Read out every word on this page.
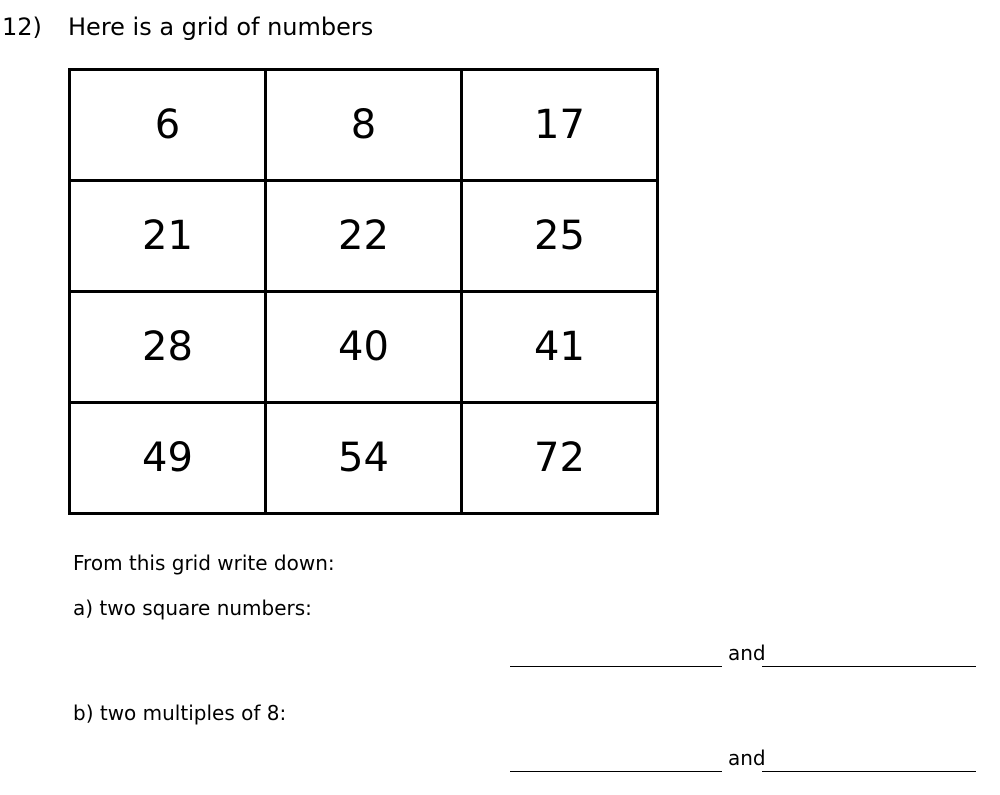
12) Here is a grid of numbers
6	8	17
21	22	25
28	40	41
49	54	72
From this grid write down:
a) two square numbers:
and
b) two multiples of 8:
and
